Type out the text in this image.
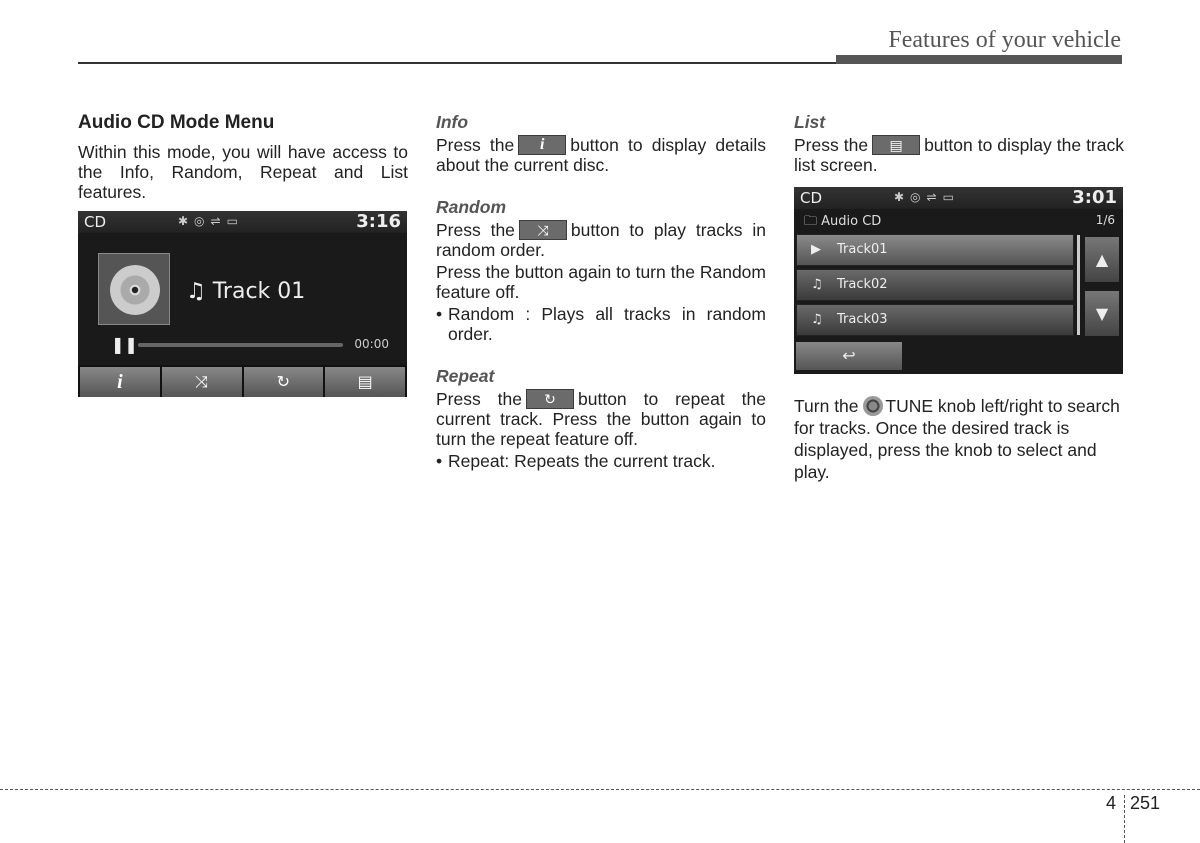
Features of your vehicle
Audio CD Mode Menu

Within this mode, you will have access to the Info, Random, Repeat and List features.

CD	✱◎⇌▭	3:16
♫ Track 01
❚❚	00:00
i	⤨	↻	▤
Info

Press the i button to display details about the current disc.

Random

Press the ⤨ button to play tracks in random order.

Press the button again to turn the Random feature off.

• Random : Plays all tracks in random order.
Repeat

Press the ↻ button to repeat the current track. Press the button again to turn the repeat feature off.

• Repeat: Repeats the current track.
List

Press the ▤ button to display the track list screen.

Turn the TUNE knob left/right to search for tracks. Once the desired track is displayed, press the knob to select and play.

CD	✱◎⇌▭	3:01
🗀 Audio CD	1/6
▶ Track01
♫ Track02
♫ Track03
▲
▼
↩
4 251
